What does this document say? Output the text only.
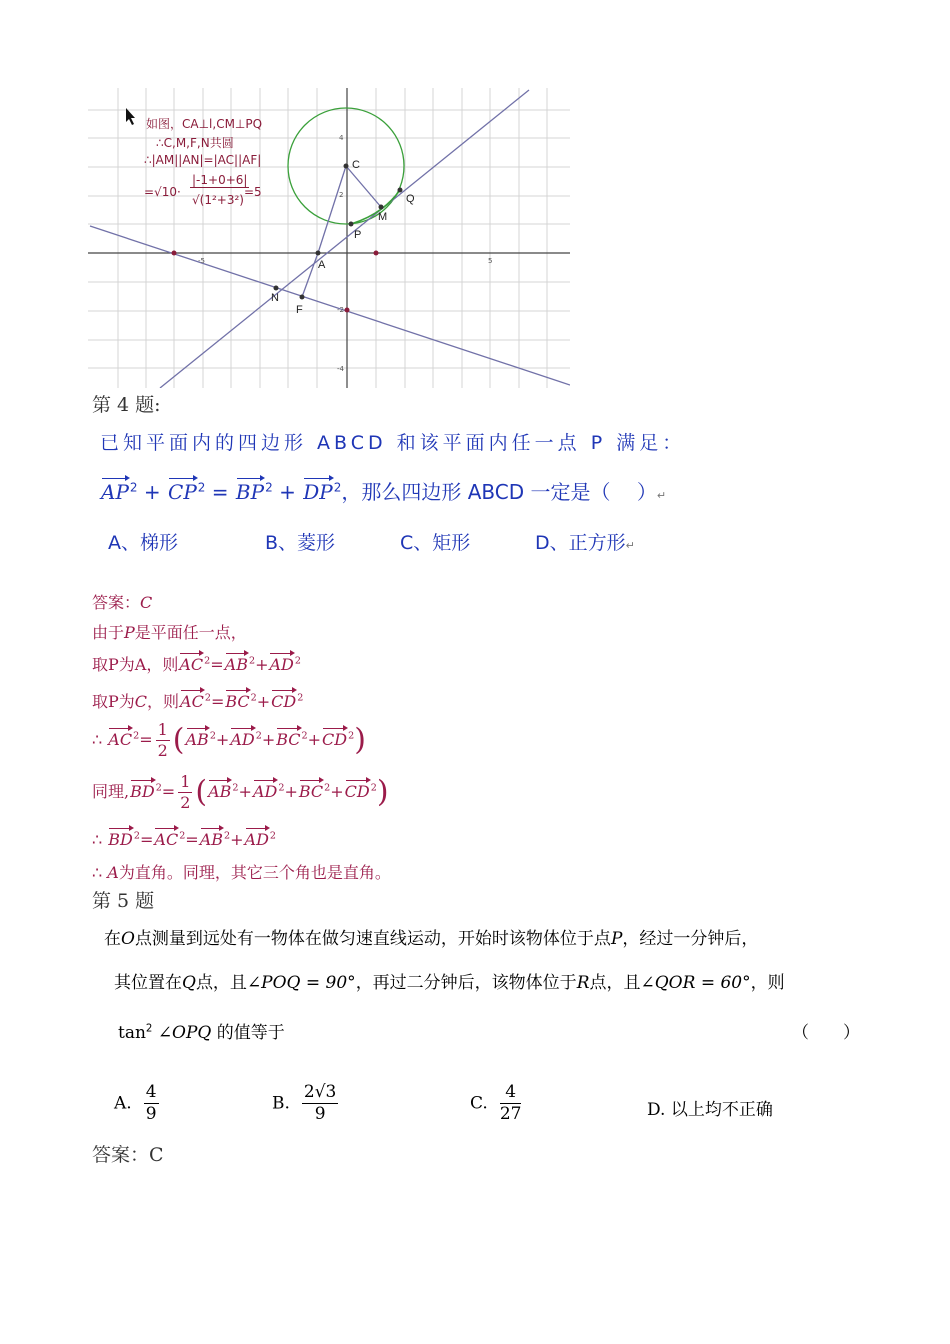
C
Q
M
P
A
N
F
4
2
-5	5
-2
-4
如图，CA⊥l,CM⊥PQ
∴C,M,F,N共圆
∴|AM||AN|=|AC||AF|
=√10·
|-1+0+6|
√(1²+3²)
=5
第 4 题:
已知平面内的四边形 ABCD 和该平面内任一点 P 满足：
$AP^2 + CP^2 = BP^2 + DP^2$，那么四边形 ABCD 一定是（　 ）↵
A、梯形	B、菱形	C、矩形	D、正方形↵
答案：C
由于P是平面任一点，
取P为A，则$AC^2=AB^2+AD^2$
取P为C，则$AC^2=BC^2+CD^2$
∴ $AC^2= \frac{1}{2} (AB^2+AD^2+BC^2+CD^2)$
同理$,BD^2= \frac{1}{2} (AB^2+AD^2+BC^2+CD^2)$
∴ $BD^2=AC^2=AB^2+AD^2$
∴ A为直角。同理，其它三个角也是直角。
第 5 题
在O点测量到远处有一物体在做匀速直线运动，开始时该物体位于点P，经过一分钟后，
其位置在Q点，且∠POQ = 90°，再过二分钟后，该物体位于R点，且∠QOR = 60°，则
$\tan^2$ ∠OPQ 的值等于	（　　）
A. $\frac{4}{9}$	B. $\frac{2√3}{9}$	C. $\frac{4}{27}$	D. 以上均不正确
答案：C
